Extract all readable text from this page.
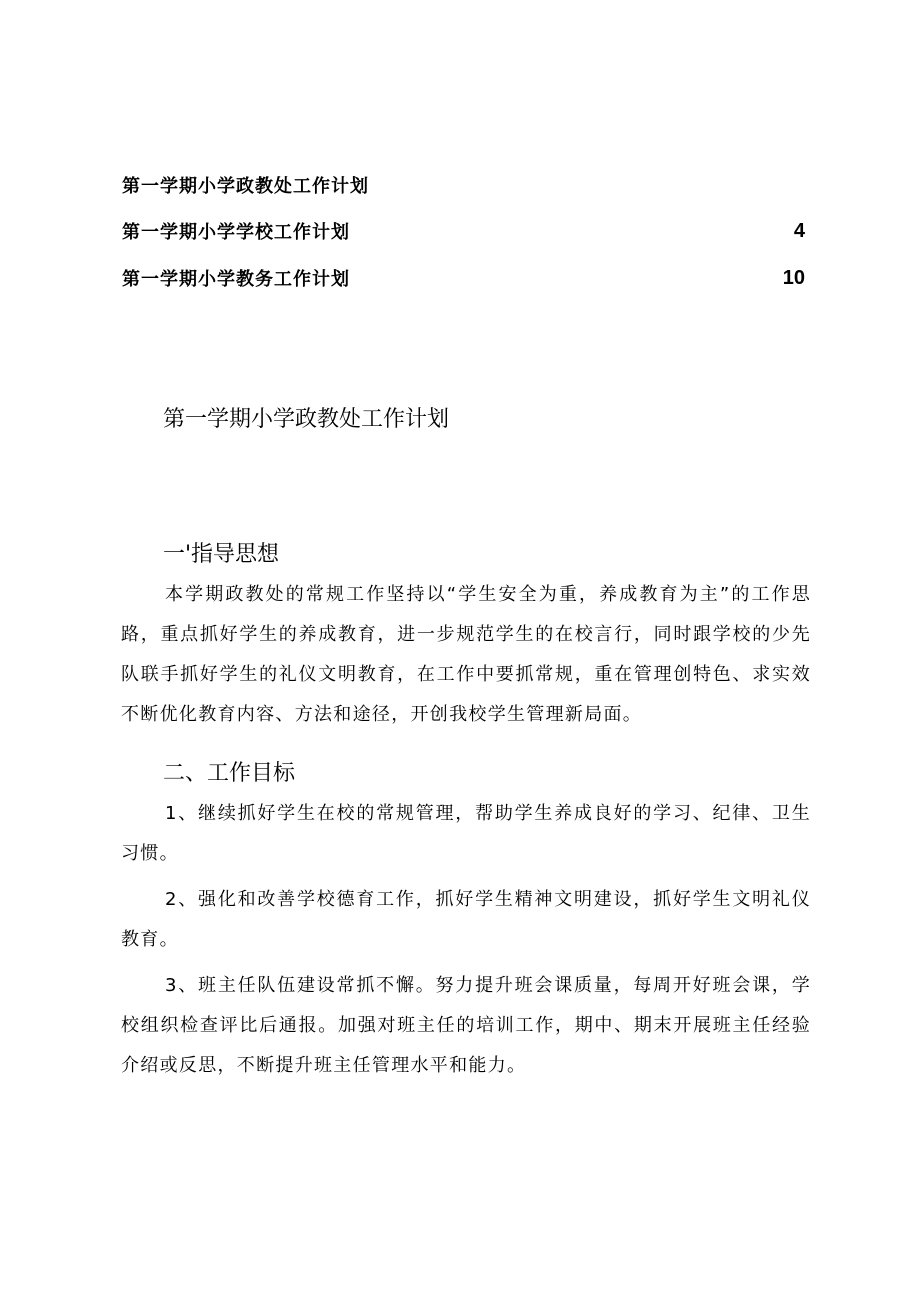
第一学期小学政教处工作计划
第一学期小学学校工作计划	4
第一学期小学教务工作计划	10
第一学期小学政教处工作计划
一'指导思想

本学期政教处的常规工作坚持以“学生安全为重，养成教育为主”的工作思路，重点抓好学生的养成教育，进一步规范学生的在校言行，同时跟学校的少先队联手抓好学生的礼仪文明教育，在工作中要抓常规，重在管理创特色、求实效不断优化教育内容、方法和途径，开创我校学生管理新局面。

二、工作目标

1、继续抓好学生在校的常规管理，帮助学生养成良好的学习、纪律、卫生习惯。

2、强化和改善学校德育工作，抓好学生精神文明建设，抓好学生文明礼仪教育。

3、班主任队伍建设常抓不懈。努力提升班会课质量，每周开好班会课，学校组织检查评比后通报。加强对班主任的培训工作，期中、期末开展班主任经验介绍或反思，不断提升班主任管理水平和能力。
